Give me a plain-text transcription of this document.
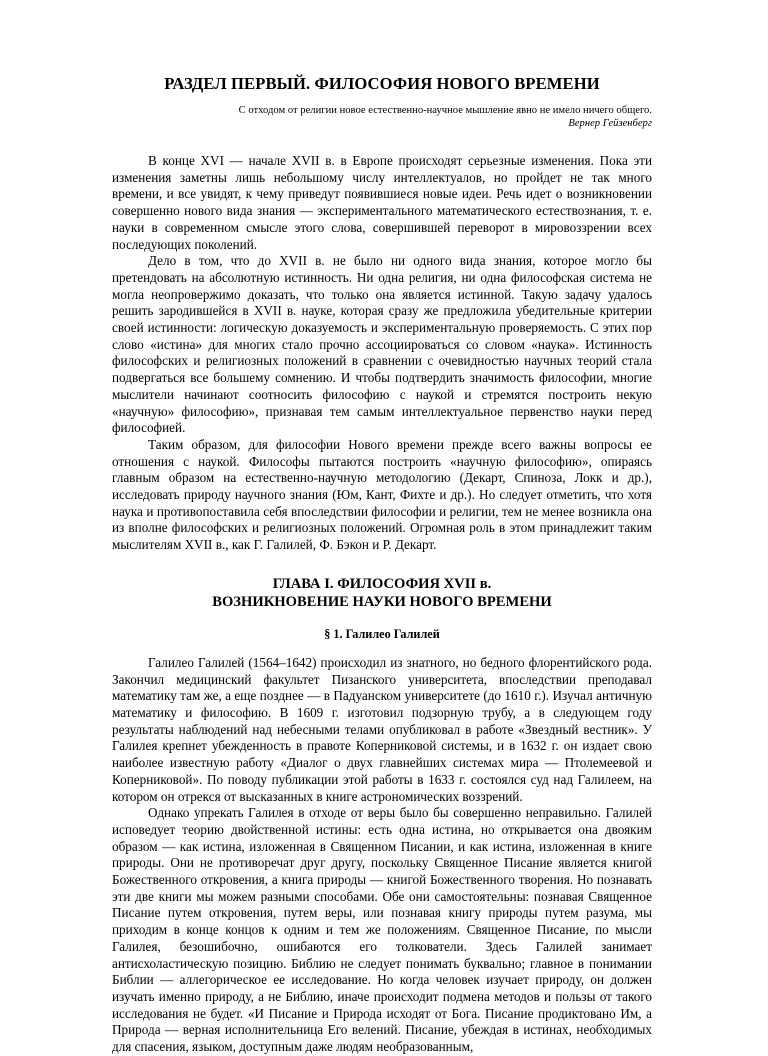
РАЗДЕЛ ПЕРВЫЙ. ФИЛОСОФИЯ НОВОГО ВРЕМЕНИ
С отходом от религии новое естественно-научное мышление явно не имело ничего общего.
Вернер Гейзенберг

В конце XVI — начале XVII в. в Европе происходят серьезные изменения. Пока эти изменения заметны лишь небольшому числу интеллектуалов, но пройдет не так много времени, и все увидят, к чему приведут появившиеся новые идеи. Речь идет о возникновении совершенно нового вида знания — экспериментального математического естествознания, т. е. науки в современном смысле этого слова, совершившей переворот в мировоззрении всех последующих поколений.

Дело в том, что до XVII в. не было ни одного вида знания, которое могло бы претендовать на абсолютную истинность. Ни одна религия, ни одна философская система не могла неопровержимо доказать, что только она является истинной. Такую задачу удалось решить зародившейся в XVII в. науке, которая сразу же предложила убедительные критерии своей истинности: логическую доказуемость и экспериментальную проверяемость. С этих пор слово «истина» для многих стало прочно ассоциироваться со словом «наука». Истинность философских и религиозных положений в сравнении с очевидностью научных теорий стала подвергаться все большему сомнению. И чтобы подтвердить значимость философии, многие мыслители начинают соотносить философию с наукой и стремятся построить некую «научную» философию», признавая тем самым интеллектуальное первенство науки перед философией.

Таким образом, для философии Нового времени прежде всего важны вопросы ее отношения с наукой. Философы пытаются построить «научную философию», опираясь главным образом на естественно-научную методологию (Декарт, Спиноза, Локк и др.), исследовать природу научного знания (Юм, Кант, Фихте и др.). Но следует отметить, что хотя наука и противопоставила себя впоследствии философии и религии, тем не менее возникла она из вполне философских и религиозных положений. Огромная роль в этом принадлежит таким мыслителям XVII в., как Г. Галилей, Ф. Бэкон и Р. Декарт.

ГЛАВА I. ФИЛОСОФИЯ XVII в.
ВОЗНИКНОВЕНИЕ НАУКИ НОВОГО ВРЕМЕНИ
§ 1. Галилео Галилей

Галилео Галилей (1564–1642) происходил из знатного, но бедного флорентийского рода. Закончил медицинский факультет Пизанского университета, впоследствии преподавал математику там же, а еще позднее — в Падуанском университете (до 1610 г.). Изучал античную математику и философию. В 1609 г. изготовил подзорную трубу, а в следующем году результаты наблюдений над небесными телами опубликовал в работе «Звездный вестник». У Галилея крепнет убежденность в правоте Коперниковой системы, и в 1632 г. он издает свою наиболее известную работу «Диалог о двух главнейших системах мира — Птолемеевой и Коперниковой». По поводу публикации этой работы в 1633 г. состоялся суд над Галилеем, на котором он отрекся от высказанных в книге астрономических воззрений.

Однако упрекать Галилея в отходе от веры было бы совершенно неправильно. Галилей исповедует теорию двойственной истины: есть одна истина, но открывается она двояким образом — как истина, изложенная в Священном Писании, и как истина, изложенная в книге природы. Они не противоречат друг другу, поскольку Священное Писание является книгой Божественного откровения, а книга природы — книгой Божественного творения. Но познавать эти две книги мы можем разными способами. Обе они самостоятельны: познавая Священное Писание путем откровения, путем веры, или познавая книгу природы путем разума, мы приходим в конце концов к одним и тем же положениям. Священное Писание, по мысли Галилея, безошибочно, ошибаются его толкователи. Здесь Галилей занимает антисхоластическую позицию. Библию не следует понимать буквально; главное в понимании Библии — аллегорическое ее исследование. Но когда человек изучает природу, он должен изучать именно природу, а не Библию, иначе происходит подмена методов и пользы от такого исследования не будет. «И Писание и Природа исходят от Бога. Писание продиктовано Им, а Природа — верная исполнительница Его велений. Писание, убеждая в истинах, необходимых для спасения, языком, доступным даже людям необразованным,
